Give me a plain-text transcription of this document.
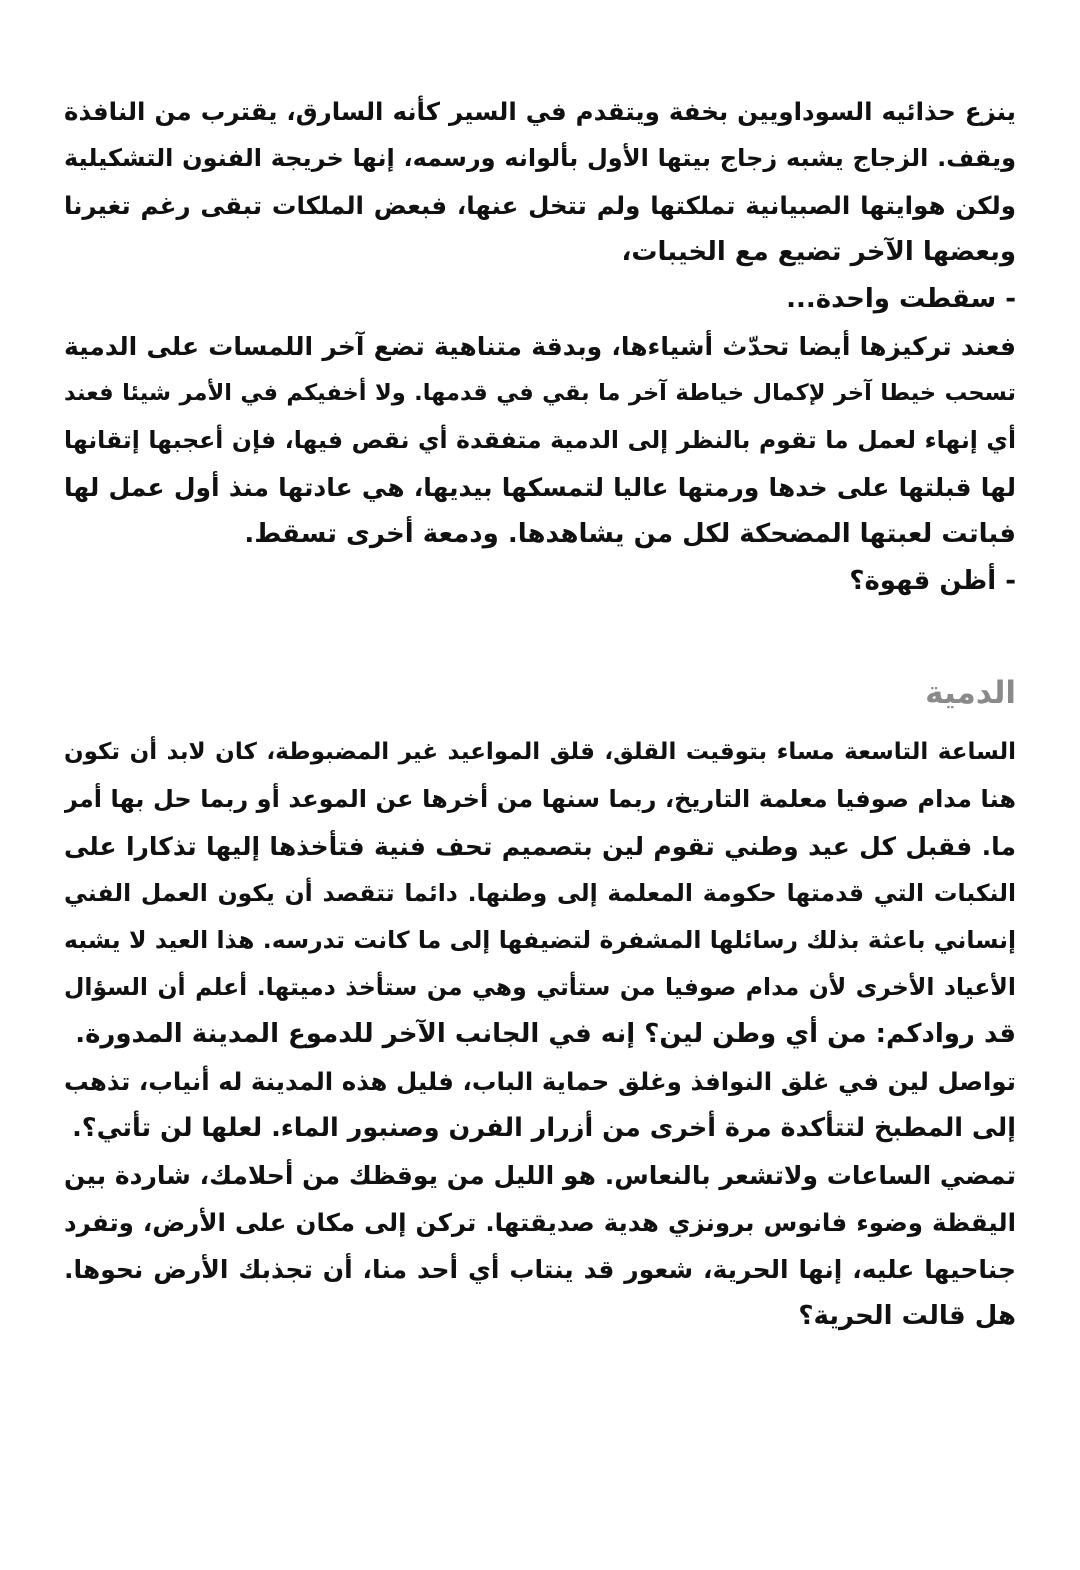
ينزع حذائيه السوداويين بخفة ويتقدم في السير كأنه السارق، يقترب من النافذة
ويقف. الزجاج يشبه زجاج بيتها الأول بألوانه ورسمه، إنها خريجة الفنون التشكيلية
ولكن هوايتها الصبيانية تملكتها ولم تتخل عنها، فبعض الملكات تبقى رغم تغيرنا
وبعضها الآخر تضيع مع الخيبات،
- سقطت واحدة...
فعند تركيزها أيضا تحدّث أشياءها، وبدقة متناهية تضع آخر اللمسات على الدمية
تسحب خيطا آخر لإكمال خياطة آخر ما بقي في قدمها. ولا أخفيكم في الأمر شيئا فعند
أي إنهاء لعمل ما تقوم بالنظر إلى الدمية متفقدة أي نقص فيها، فإن أعجبها إتقانها
لها قبلتها على خدها ورمتها عاليا لتمسكها بيديها، هي عادتها منذ أول عمل لها
فباتت لعبتها المضحكة لكل من يشاهدها. ودمعة أخرى تسقط.
- أظن قهوة؟
الدمية
الساعة التاسعة مساء بتوقيت القلق، قلق المواعيد غير المضبوطة، كان لابد أن تكون
هنا مدام صوفيا معلمة التاريخ، ربما سنها من أخرها عن الموعد أو ربما حل بها أمر
ما. فقبل كل عيد وطني تقوم لين بتصميم تحف فنية فتأخذها إليها تذكارا على
النكبات التي قدمتها حكومة المعلمة إلى وطنها. دائما تتقصد أن يكون العمل الفني
إنساني باعثة بذلك رسائلها المشفرة لتضيفها إلى ما كانت تدرسه. هذا العيد لا يشبه
الأعياد الأخرى لأن مدام صوفيا من ستأتي وهي من ستأخذ دميتها. أعلم أن السؤال
قد روادكم: من أي وطن لين؟ إنه في الجانب الآخر للدموع المدينة المدورة.
تواصل لين في غلق النوافذ وغلق حماية الباب، فليل هذه المدينة له أنياب، تذهب
إلى المطبخ لتتأكدة مرة أخرى من أزرار الفرن وصنبور الماء. لعلها لن تأتي؟.
تمضي الساعات ولاتشعر بالنعاس. هو الليل من يوقظك من أحلامك، شاردة بين
اليقظة وضوء فانوس برونزي هدية صديقتها. تركن إلى مكان على الأرض، وتفرد
جناحيها عليه، إنها الحرية، شعور قد ينتاب أي أحد منا، أن تجذبك الأرض نحوها.
هل قالت الحرية؟
